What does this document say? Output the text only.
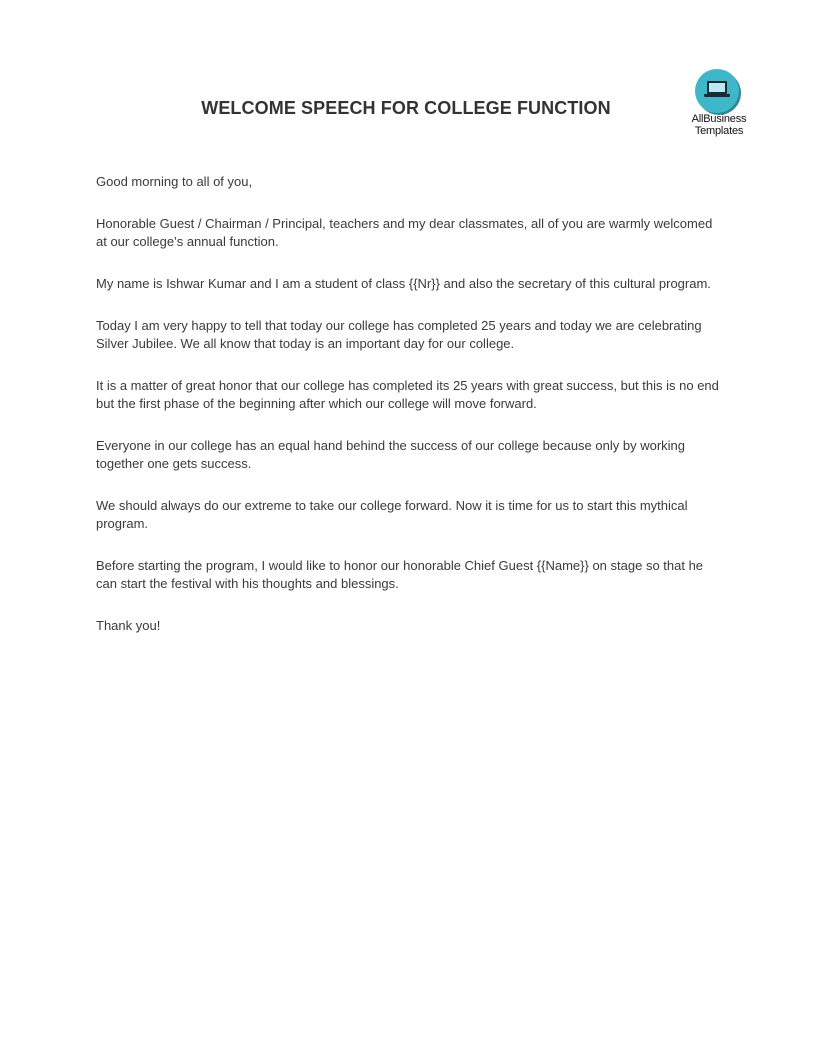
AllBusiness
Templates
WELCOME SPEECH FOR COLLEGE FUNCTION

Good morning to all of you,

Honorable Guest / Chairman / Principal, teachers and my dear classmates, all of you are warmly welcomed at our college’s annual function.

My name is Ishwar Kumar and I am a student of class {{Nr}} and also the secretary of this cultural program.

Today I am very happy to tell that today our college has completed 25 years and today we are celebrating Silver Jubilee. We all know that today is an important day for our college.

It is a matter of great honor that our college has completed its 25 years with great success, but this is no end but the first phase of the beginning after which our college will move forward.

Everyone in our college has an equal hand behind the success of our college because only by working together one gets success.

We should always do our extreme to take our college forward. Now it is time for us to start this mythical program.

Before starting the program, I would like to honor our honorable Chief Guest {{Name}} on stage so that he can start the festival with his thoughts and blessings.

Thank you!
